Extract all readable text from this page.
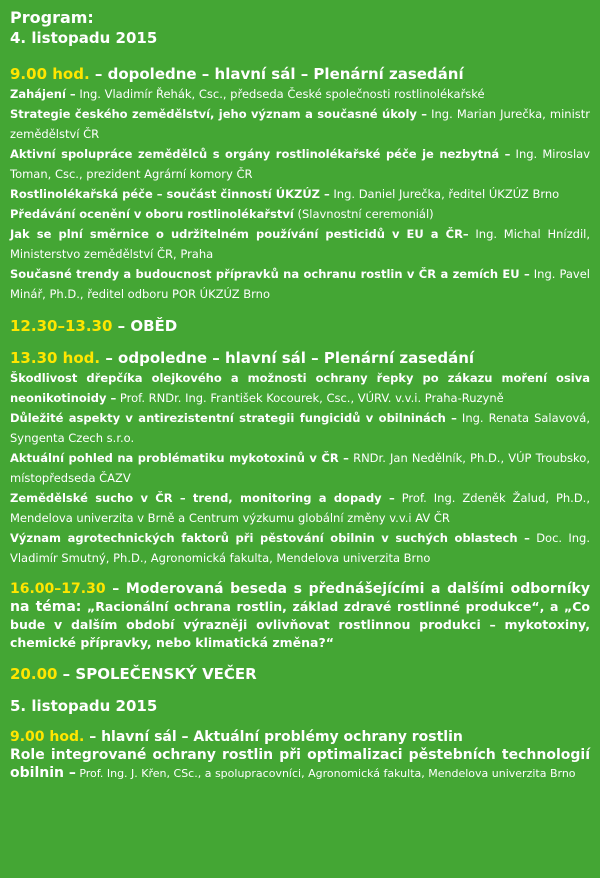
Program:

4. listopadu 2015

9.00 hod. – dopoledne – hlavní sál – Plenární zasedání

Zahájení – Ing. Vladimír Řehák, Csc., předseda České společnosti rostlinolékařské

Strategie českého zemědělství, jeho význam a současné úkoly – Ing. Marian Jurečka, ministr zemědělství ČR

Aktivní spolupráce zemědělců s orgány rostlinolékařské péče je nezbytná – Ing. Miroslav Toman, Csc., prezident Agrární komory ČR

Rostlinolékařská péče – součást činností ÚKZÚZ – Ing. Daniel Jurečka, ředitel ÚKZÚZ Brno

Předávání ocenění v oboru rostlinolékařství (Slavnostní ceremoniál)

Jak se plní směrnice o udržitelném používání pesticidů v EU a ČR– Ing. Michal Hnízdil, Ministerstvo zemědělství ČR, Praha

Současné trendy a budoucnost přípravků na ochranu rostlin v ČR a zemích EU – Ing. Pavel Minář, Ph.D., ředitel odboru POR ÚKZÚZ Brno

12.30–13.30 – OBĚD

13.30 hod. – odpoledne – hlavní sál – Plenární zasedání

Škodlivost dřepčíka olejkového a možnosti ochrany řepky po zákazu moření osiva neonikotinoidy – Prof. RNDr. Ing. František Kocourek, Csc., VÚRV. v.v.i. Praha-Ruzyně

Důležité aspekty v antirezistentní strategii fungicidů v obilninách – Ing. Renata Salavová, Syngenta Czech s.r.o.

Aktuální pohled na problématiku mykotoxinů v ČR – RNDr. Jan Nedělník, Ph.D., VÚP Troubsko, místopředseda ČAZV

Zemědělské sucho v ČR – trend, monitoring a dopady – Prof. Ing. Zdeněk Žalud, Ph.D., Mendelova univerzita v Brně a Centrum výzkumu globální změny v.v.i AV ČR

Význam agrotechnických faktorů při pěstování obilnin v suchých oblastech – Doc. Ing. Vladimír Smutný, Ph.D., Agronomická fakulta, Mendelova univerzita Brno

16.00–17.30 – Moderovaná beseda s přednášejícími a dalšími odborníky na téma: „Racionální ochrana rostlin, základ zdravé rostlinné produkce“, a „Co bude v dalším období výrazněji ovlivňovat rostlinnou produkci – mykotoxiny, chemické přípravky, nebo klimatická změna?“

20.00 – SPOLEČENSKÝ VEČER

5. listopadu 2015

9.00 hod. – hlavní sál – Aktuální problémy ochrany rostlin

Role integrované ochrany rostlin při optimalizaci pěstebních technologií obilnin – Prof. Ing. J. Křen, CSc., a spolupracovníci, Agronomická fakulta, Mendelova univerzita Brno
